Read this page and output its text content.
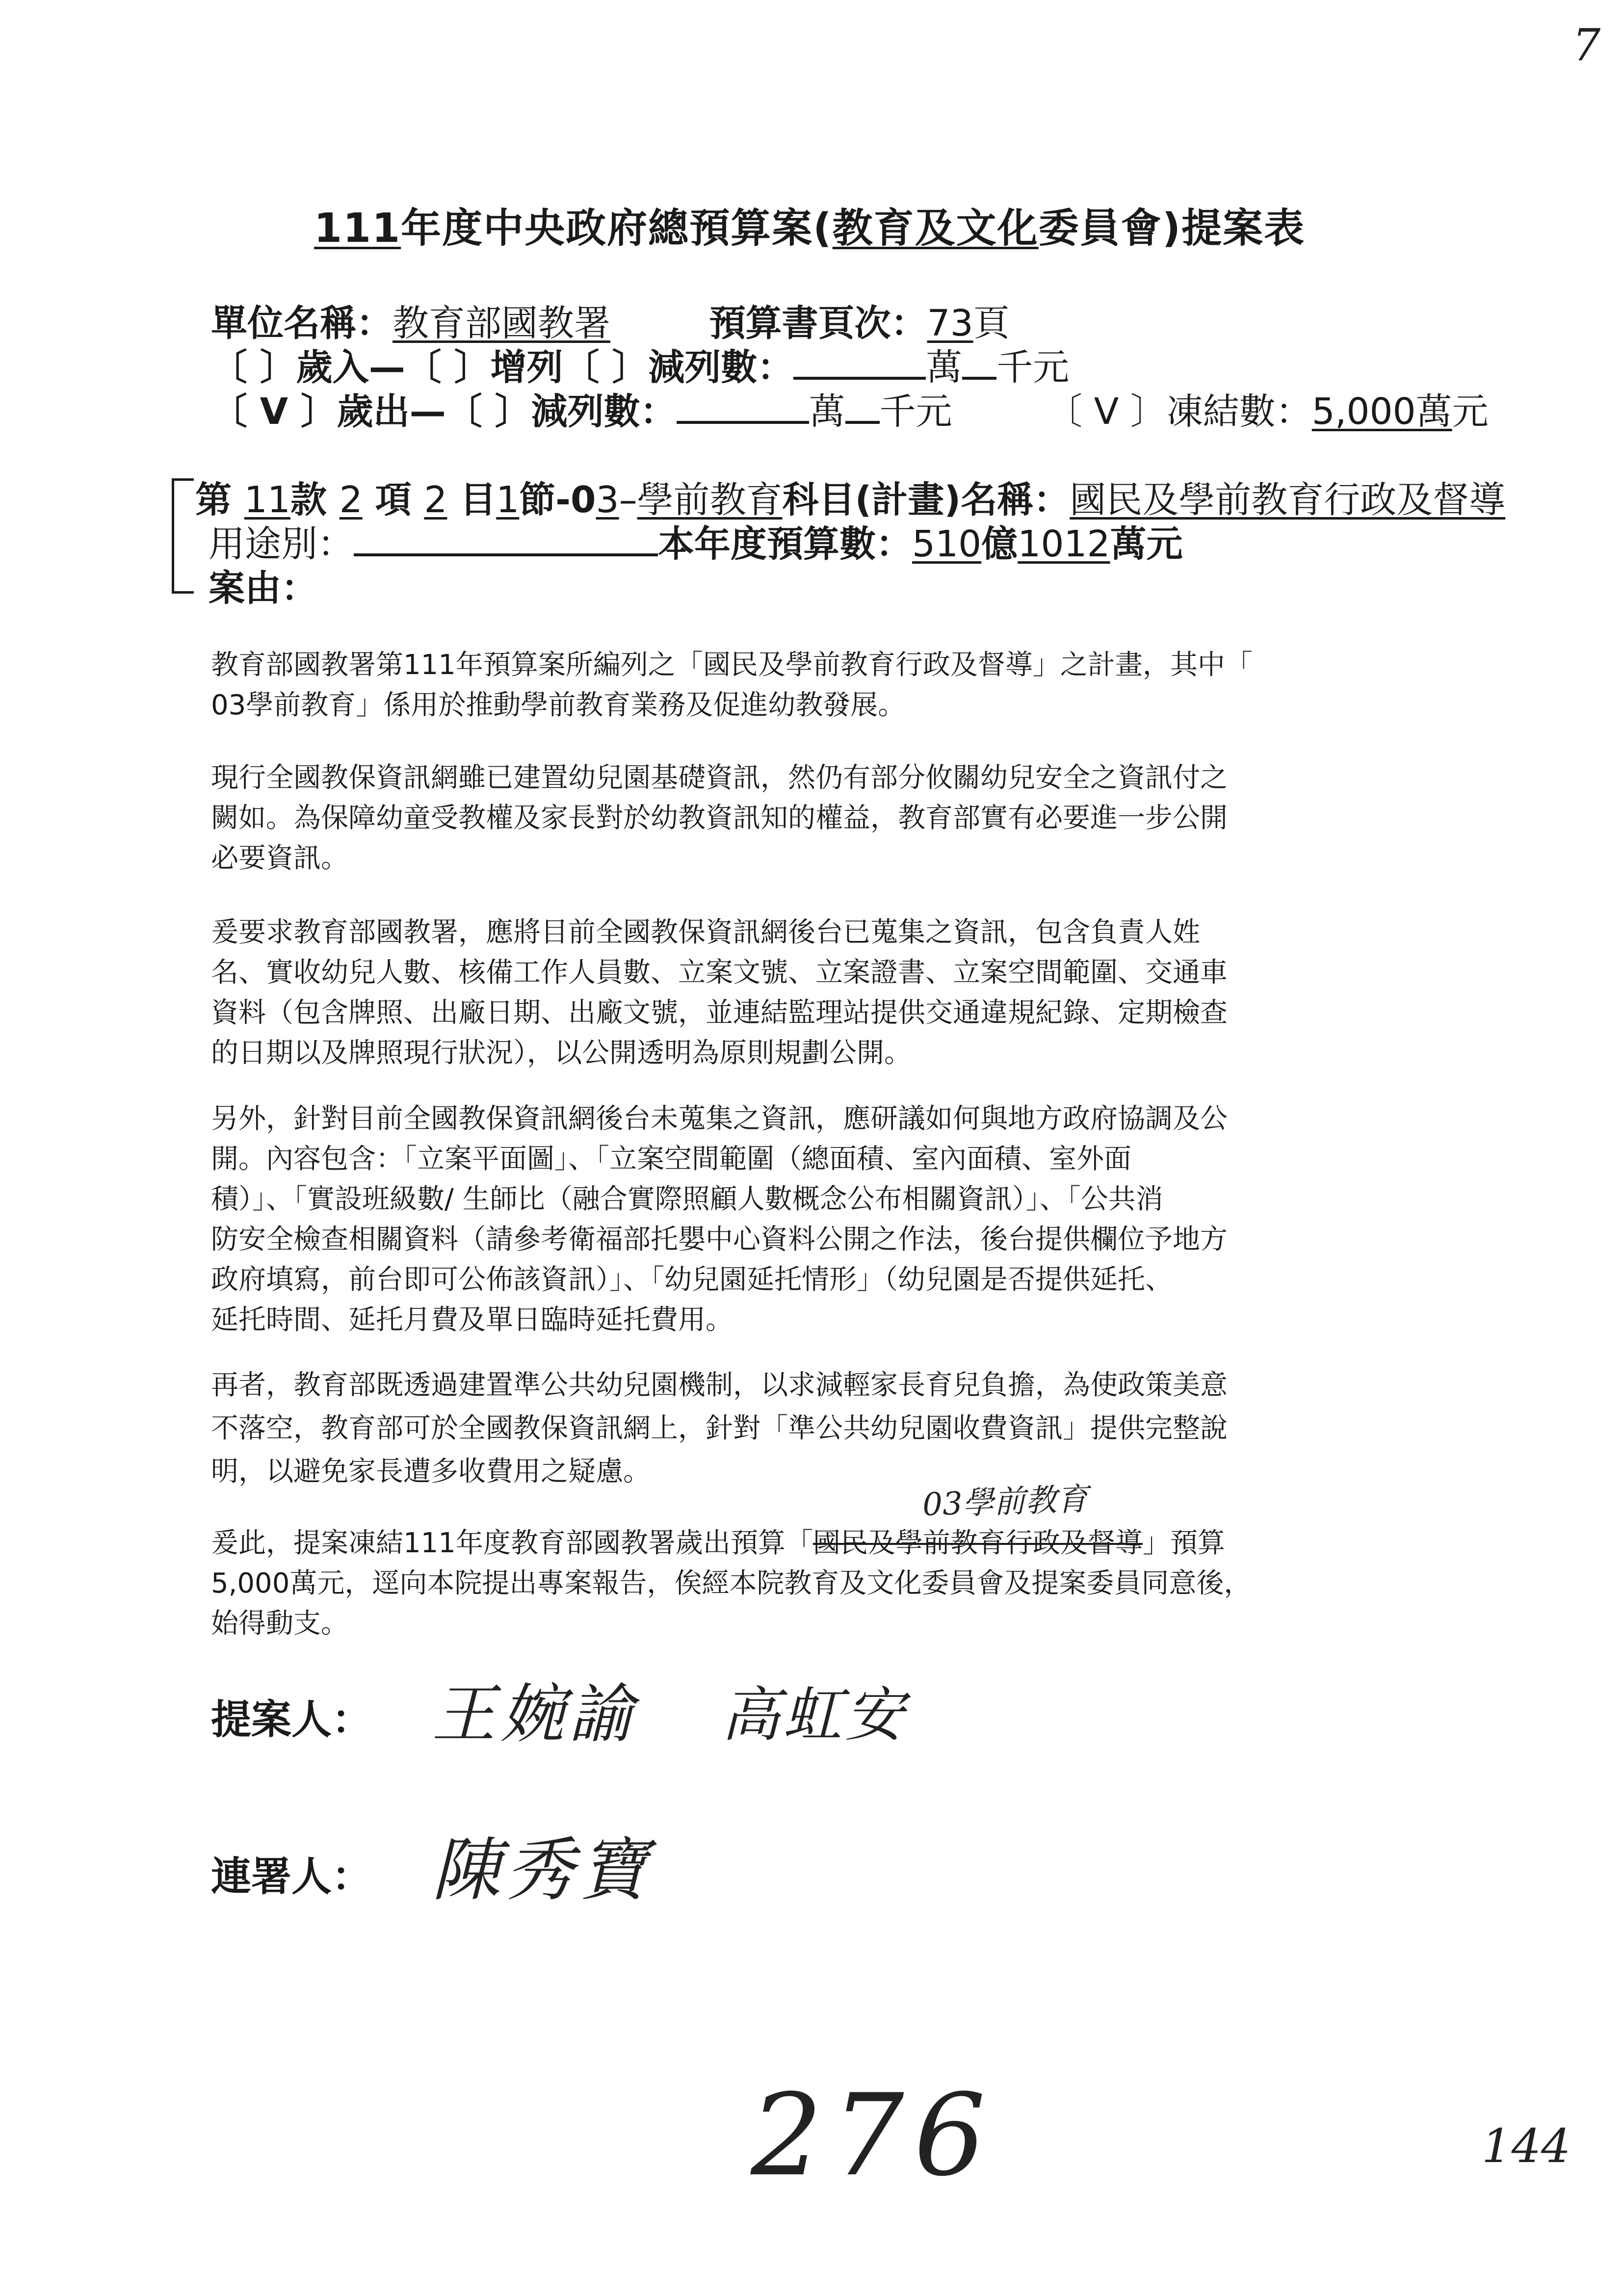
7
111年度中央政府總預算案(教育及文化委員會)提案表
單位名稱：教育部國教署	預算書頁次：73頁
〔 〕歲入—〔 〕增列〔 〕減列數：	萬 千元
〔 V 〕歲出—〔 〕減列數：	萬 千元	〔 V 〕凍結數：5,000萬元
第 11款 2 項 2 目1節-03–學前教育科目(計畫)名稱：國民及學前教育行政及督導
用途別：	本年度預算數：510億1012萬元
案由：

教育部國教署第111年預算案所編列之「國民及學前教育行政及督導」之計畫，其中「

03學前教育」係用於推動學前教育業務及促進幼教發展。

現行全國教保資訊網雖已建置幼兒園基礎資訊，然仍有部分攸關幼兒安全之資訊付之

闕如。為保障幼童受教權及家長對於幼教資訊知的權益，教育部實有必要進一步公開

必要資訊。

爰要求教育部國教署，應將目前全國教保資訊網後台已蒐集之資訊，包含負責人姓

名、實收幼兒人數、核備工作人員數、立案文號、立案證書、立案空間範圍、交通車

資料（包含牌照、出廠日期、出廠文號，並連結監理站提供交通違規紀錄、定期檢查

的日期以及牌照現行狀況），以公開透明為原則規劃公開。

另外，針對目前全國教保資訊網後台未蒐集之資訊，應研議如何與地方政府協調及公

開。內容包含：「立案平面圖」、「立案空間範圍（總面積、室內面積、室外面

積）」、「實設班級數/ 生師比（融合實際照顧人數概念公布相關資訊）」、「公共消

防安全檢查相關資料（請參考衛福部托嬰中心資料公開之作法，後台提供欄位予地方

政府填寫，前台即可公佈該資訊）」、「幼兒園延托情形」（幼兒園是否提供延托、

延托時間、延托月費及單日臨時延托費用。

再者，教育部既透過建置準公共幼兒園機制，以求減輕家長育兒負擔，為使政策美意

不落空，教育部可於全國教保資訊網上，針對「準公共幼兒園收費資訊」提供完整說

明，以避免家長遭多收費用之疑慮。

03學前教育

爰此，提案凍結111年度教育部國教署歲出預算「國民及學前教育行政及督導」預算

5,000萬元，逕向本院提出專案報告，俟經本院教育及文化委員會及提案委員同意後，

始得動支。

提案人： 王婉諭 高虹安
連署人： 陳秀寶
276	144
